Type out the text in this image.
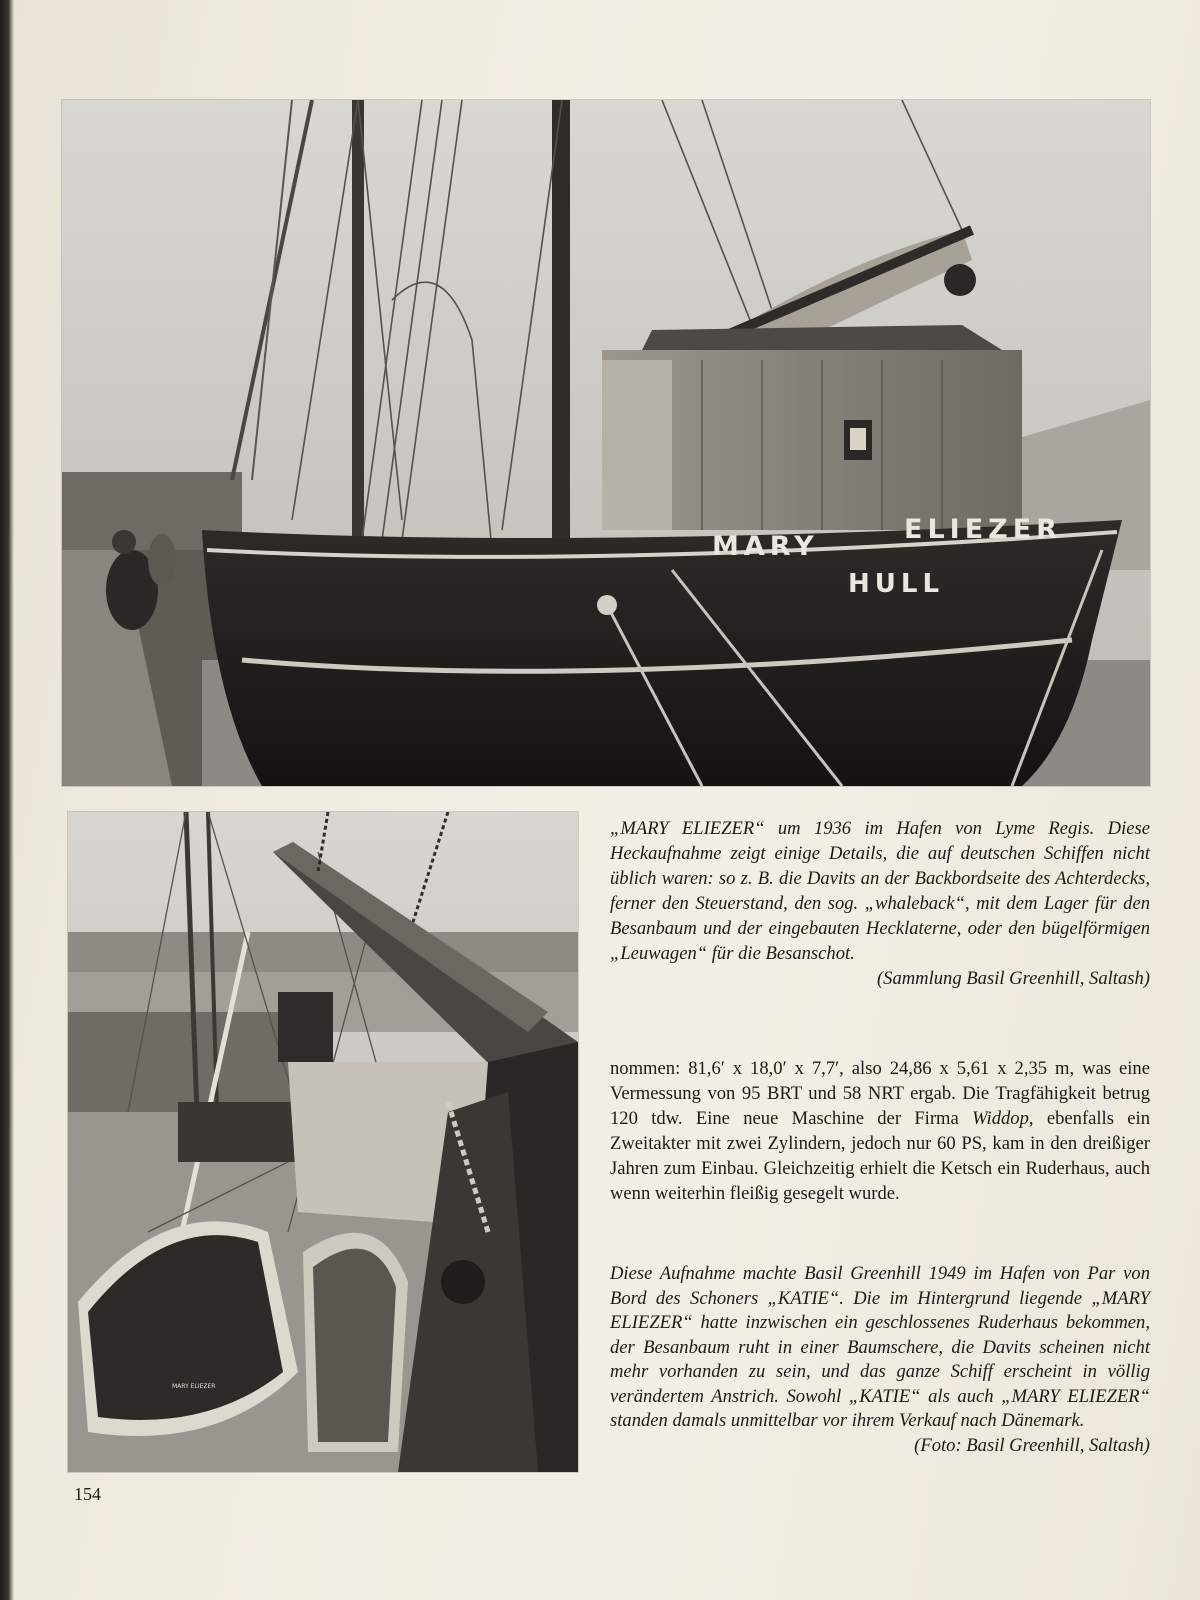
MARY
ELIEZER
HULL
MARY ELIEZER

„MARY ELIEZER“ um 1936 im Hafen von Lyme Regis. Diese Heckaufnahme zeigt einige Details, die auf deutschen Schiffen nicht üblich waren: so z. B. die Davits an der Backbordseite des Achterdecks, ferner den Steuerstand, den sog. „whaleback“, mit dem Lager für den Besanbaum und der eingebauten Hecklaterne, oder den bügelförmigen „Leuwagen“ für die Besanschot.

(Sammlung Basil Greenhill, Saltash)

nommen: 81,6′ x 18,0′ x 7,7′, also 24,86 x 5,61 x 2,35 m, was eine Vermessung von 95 BRT und 58 NRT ergab. Die Tragfähigkeit betrug 120 tdw. Eine neue Maschine der Firma Widdop, ebenfalls ein Zweitakter mit zwei Zylindern, jedoch nur 60 PS, kam in den dreißiger Jahren zum Einbau. Gleichzeitig erhielt die Ketsch ein Ruderhaus, auch wenn weiterhin fleißig gesegelt wurde.

Diese Aufnahme machte Basil Greenhill 1949 im Hafen von Par von Bord des Schoners „KATIE“. Die im Hintergrund liegende „MARY ELIEZER“ hatte inzwischen ein geschlossenes Ruderhaus bekommen, der Besanbaum ruht in einer Baumschere, die Davits scheinen nicht mehr vorhanden zu sein, und das ganze Schiff erscheint in völlig verändertem Anstrich. Sowohl „KATIE“ als auch „MARY ELIEZER“ standen damals unmittelbar vor ihrem Verkauf nach Dänemark.

(Foto: Basil Greenhill, Saltash)

154
